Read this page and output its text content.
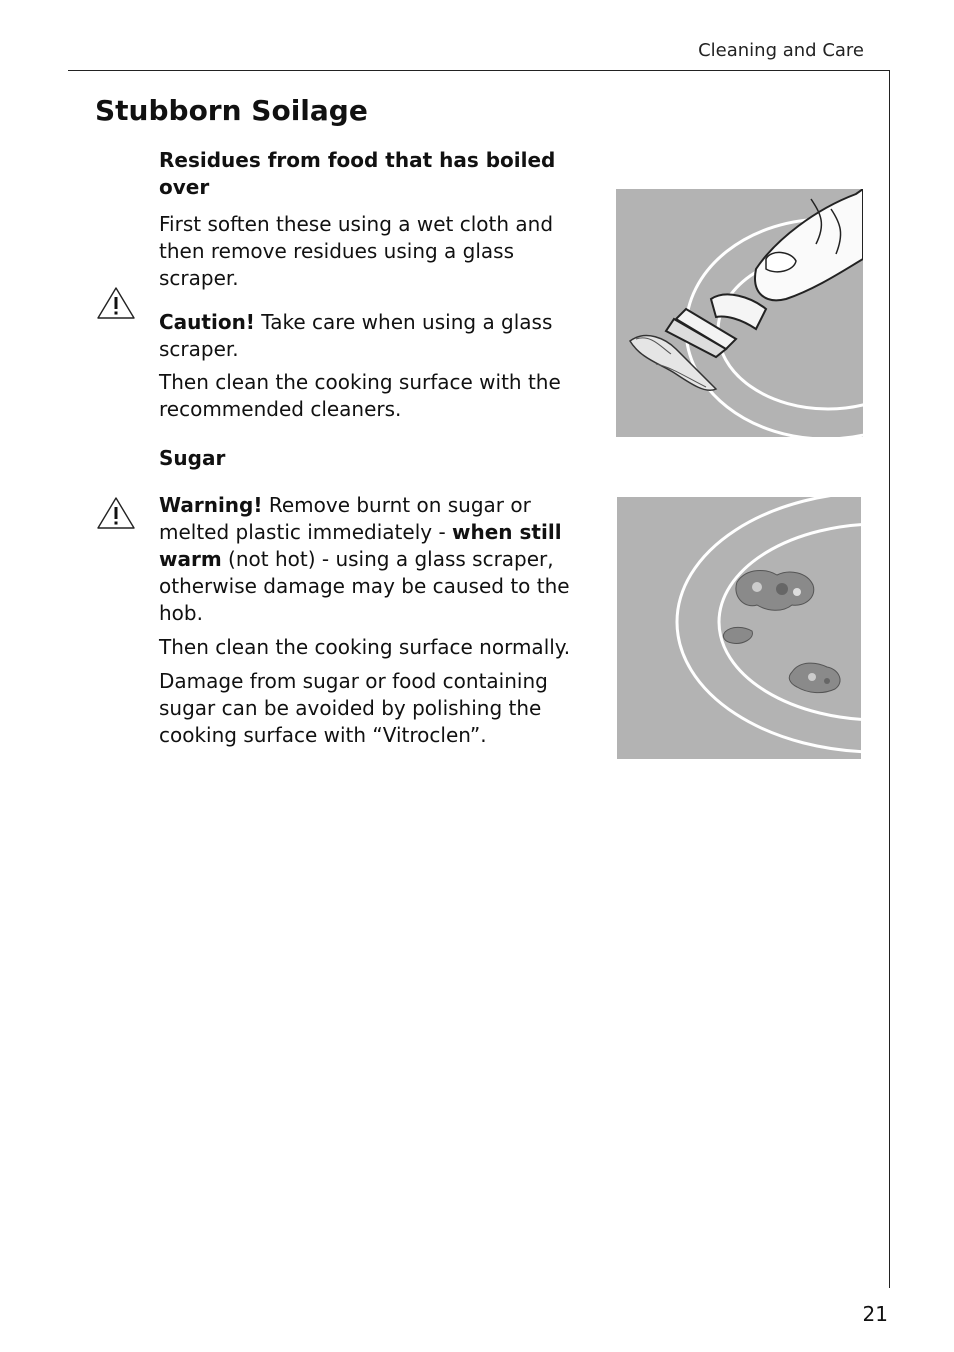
Cleaning and Care
Stubborn Soilage

Residues from food that has boiled over

First soften these using a wet cloth and then remove residues using a glass scraper.

Caution! Take care when using a glass scraper.

Then clean the cooking surface with the recommended cleaners.

Sugar

Warning! Remove burnt on sugar or melted plastic immediately - when still warm (not hot) - using a glass scraper, otherwise damage may be caused to the hob.

Then clean the cooking surface normally.

Damage from sugar or food containing sugar can be avoided by polishing the cooking surface with “Vitroclen”.

21
